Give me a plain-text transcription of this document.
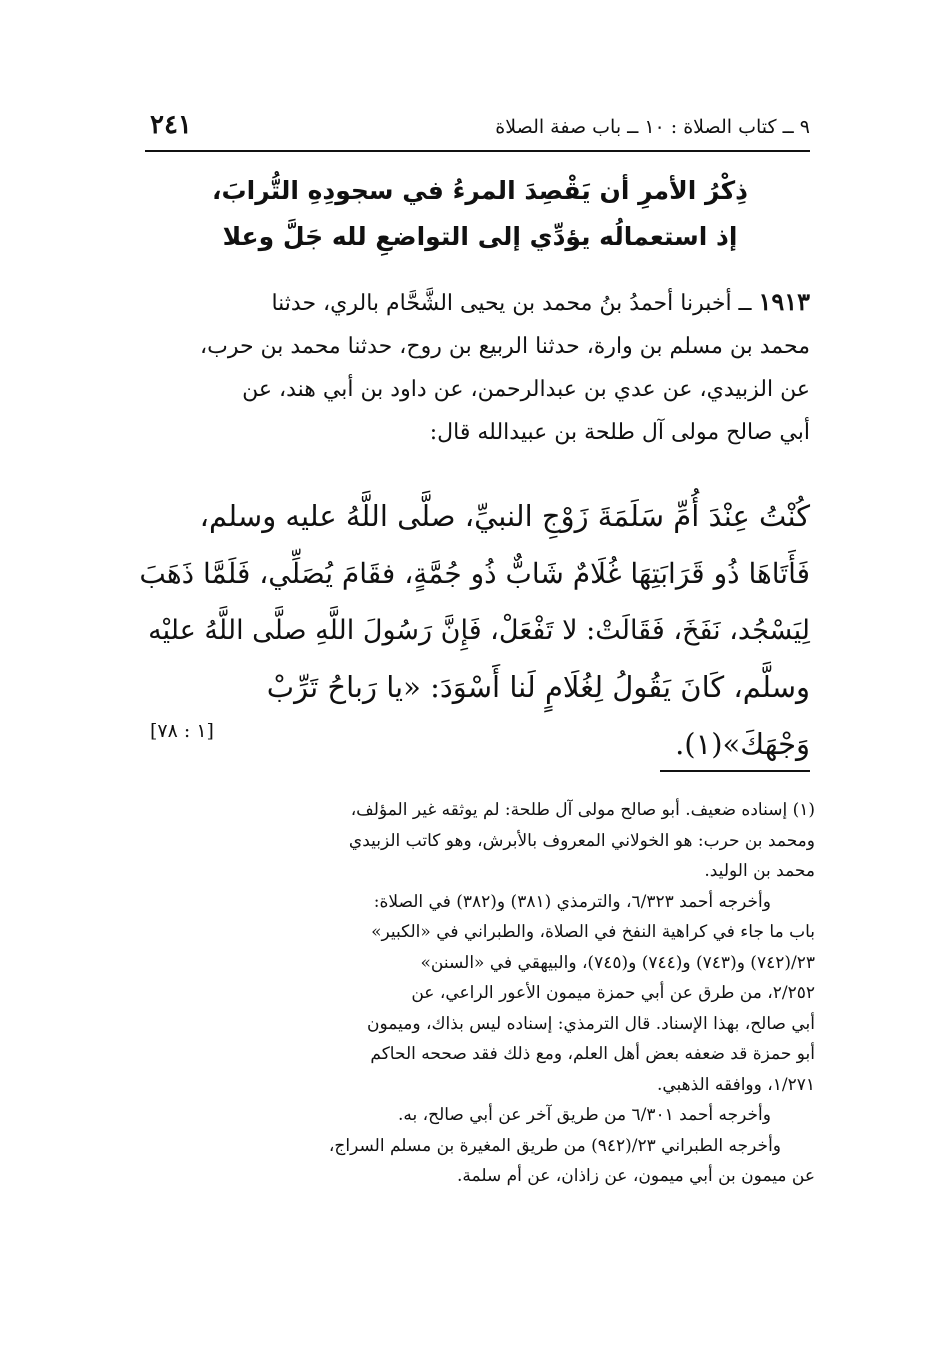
٩ ــ كتاب الصلاة : ١٠ ــ باب صفة الصلاة
٢٤١
ذِكْرُ الأمرِ أن يَقْصِدَ المرءُ في سجودِهِ التُّرابَ،
إذ استعمالُه يؤدِّي إلى التواضعِ لله جَلَّ وعلا
١٩١٣ ــ أخبرنا أحمدُ بنُ محمد بن يحيى الشَّحَّام بالري، حدثنا
محمد بن مسلم بن وارة، حدثنا الربيع بن روح، حدثنا محمد بن حرب،
عن الزبيدي، عن عدي بن عبدالرحمن، عن داود بن أبي هند، عن
أبي صالح مولى آل طلحة بن عبيدالله قال:
كُنْتُ عِنْدَ أُمِّ سَلَمَةَ زَوْجِ النبيِّ، صلَّى اللَّهُ عليه وسلم،
فَأَتَاهَا ذُو قَرَابَتِهَا غُلَامٌ شَابٌّ ذُو جُمَّةٍ، فقَامَ يُصَلِّي، فَلَمَّا ذَهَبَ
لِيَسْجُد، نَفَخَ، فَقَالَتْ: لا تَفْعَلْ، فَإِنَّ رَسُولَ اللَّهِ صلَّى اللَّهُ عليْه
وسلَّم، كَانَ يَقُولُ لِغُلَامٍ لَنا أَسْوَدَ: «يا رَباحُ تَرِّبْ
وَجْهَكَ»(١).
[١ : ٧٨]
(١) إسناده ضعيف. أبو صالح مولى آل طلحة: لم يوثقه غير المؤلف،
ومحمد بن حرب: هو الخولاني المعروف بالأبرش، وهو كاتب الزبيدي
محمد بن الوليد.
وأخرجه أحمد ٦/٣٢٣، والترمذي (٣٨١) و(٣٨٢) في الصلاة:
باب ما جاء في كراهية النفخ في الصلاة، والطبراني في «الكبير»
٢٣/(٧٤٢) و(٧٤٣) و(٧٤٤) و(٧٤٥)، والبيهقي في «السنن»
٢/٢٥٢، من طرق عن أبي حمزة ميمون الأعور الراعي، عن
أبي صالح، بهذا الإسناد. قال الترمذي: إسناده ليس بذاك، وميمون
أبو حمزة قد ضعفه بعض أهل العلم، ومع ذلك فقد صححه الحاكم
١/٢٧١، ووافقه الذهبي.
وأخرجه أحمد ٦/٣٠١ من طريق آخر عن أبي صالح، به.
وأخرجه الطبراني ٢٣/(٩٤٢) من طريق المغيرة بن مسلم السراج،
عن ميمون بن أبي ميمون، عن زاذان، عن أم سلمة.
